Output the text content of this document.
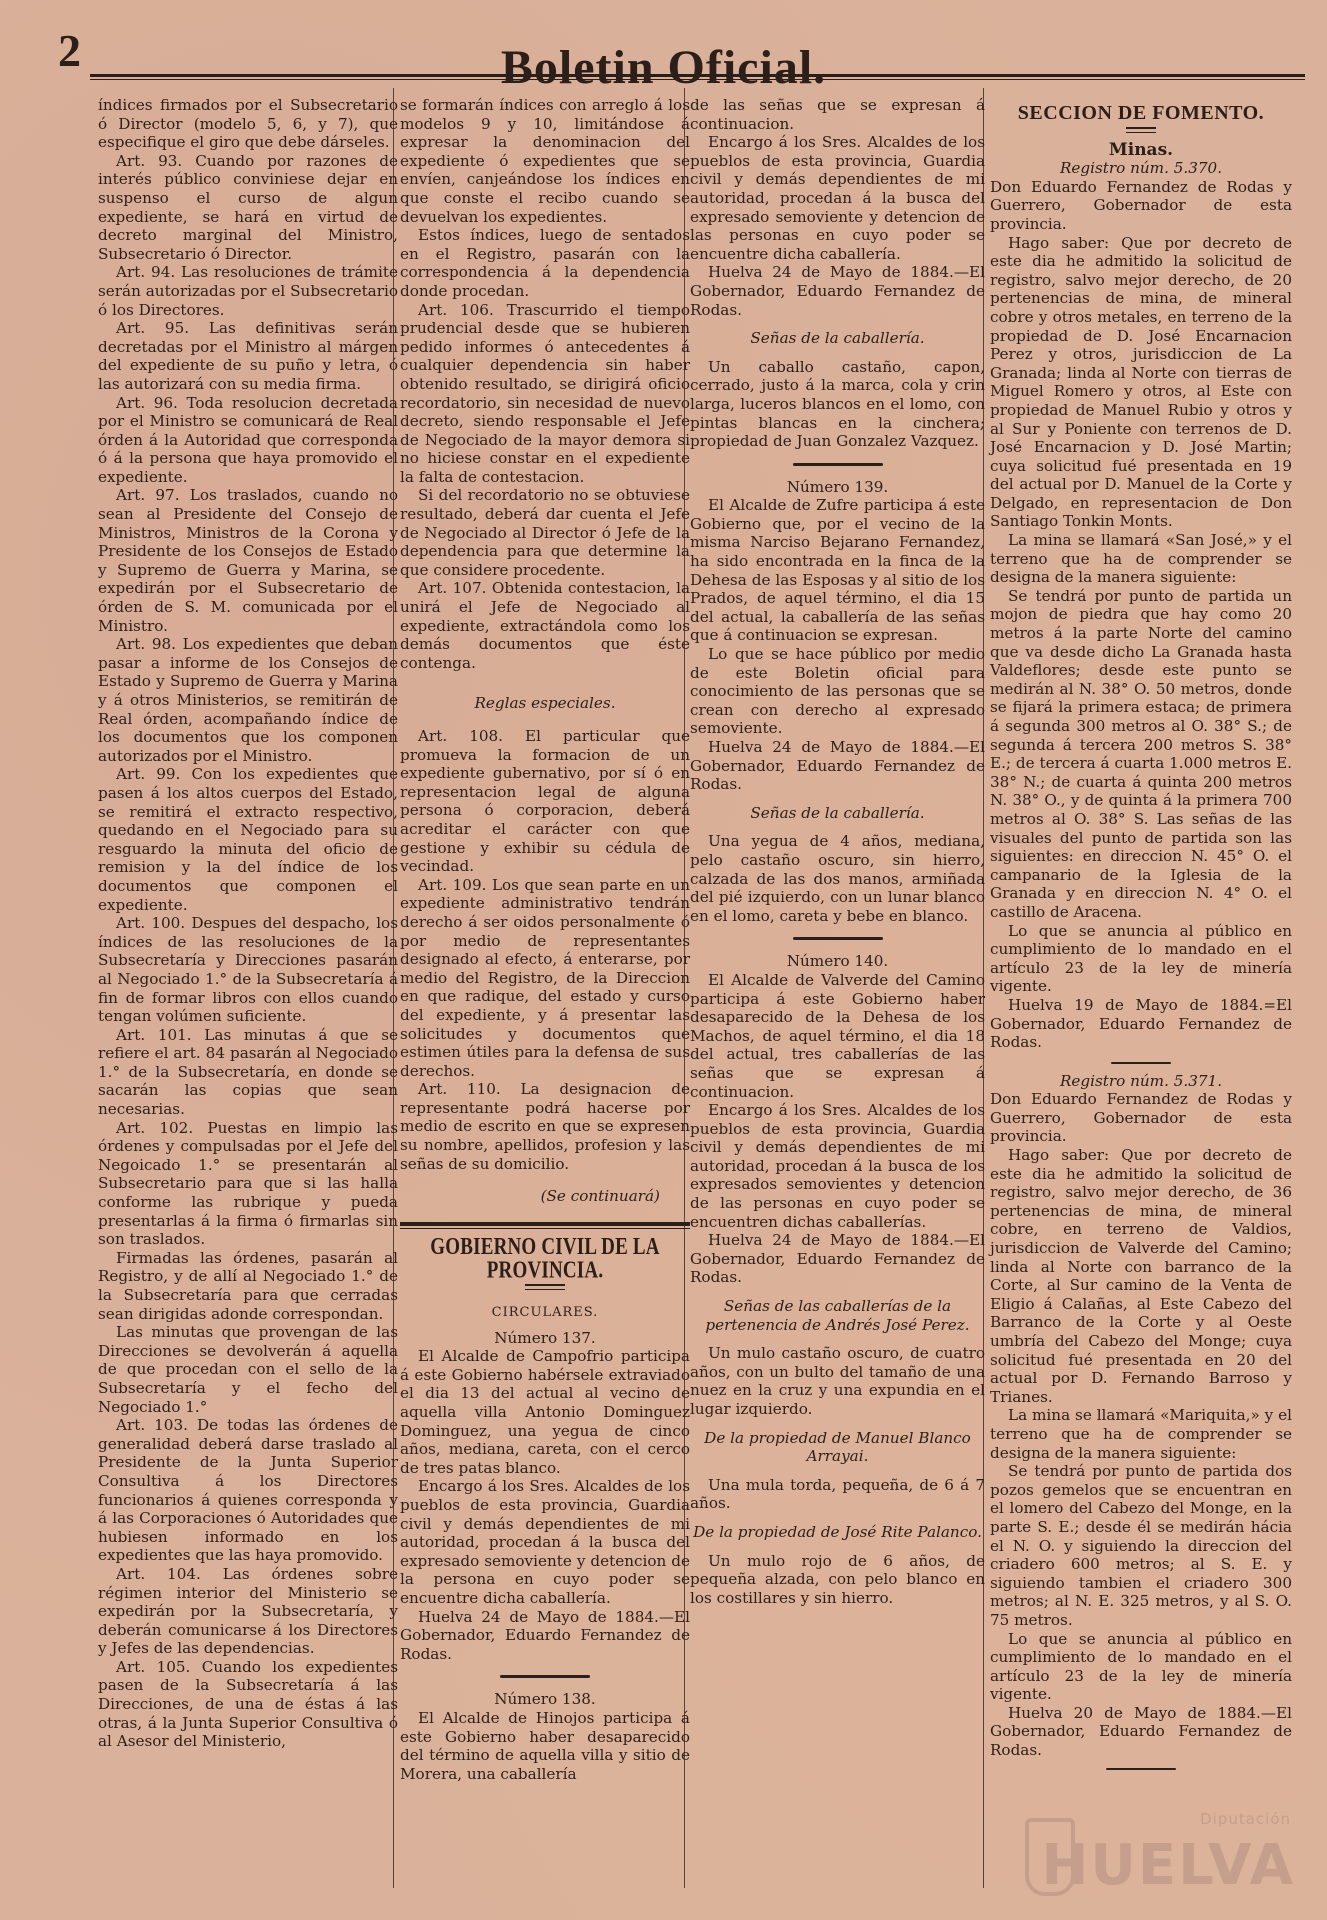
2	Boletin Oficial.

índices firmados por el Subsecretario ó Director (modelo 5, 6, y 7), que especifique el giro que debe dárseles.

Art. 93. Cuando por razones de interés público conviniese dejar en suspenso el curso de algun expediente, se hará en virtud de decreto marginal del Ministro, Subsecretario ó Director.

Art. 94. Las resoluciones de trámite serán autorizadas por el Subsecretario ó los Directores.

Art. 95. Las definitivas serán decretadas por el Ministro al márgen del expediente de su puño y letra, ó las autorizará con su media firma.

Art. 96. Toda resolucion decretada por el Ministro se comunicará de Real órden á la Autoridad que corresponda ó á la persona que haya promovido el expediente.

Art. 97. Los traslados, cuando no sean al Presidente del Consejo de Ministros, Ministros de la Corona y Presidente de los Consejos de Estado y Supremo de Guerra y Marina, se expedirán por el Subsecretario de órden de S. M. comunicada por el Ministro.

Art. 98. Los expedientes que deban pasar a informe de los Consejos de Estado y Supremo de Guerra y Marina y á otros Ministerios, se remitirán de Real órden, acompañando índice de los documentos que los componen autorizados por el Ministro.

Art. 99. Con los expedientes que pasen á los altos cuerpos del Estado, se remitirá el extracto respectivo, quedando en el Negociado para su resguardo la minuta del oficio de remision y la del índice de los documentos que componen el expediente.

Art. 100. Despues del despacho, los índices de las resoluciones de la Subsecretaría y Direcciones pasarán al Negociado 1.° de la Subsecretaría á fin de formar libros con ellos cuando tengan volúmen suficiente.

Art. 101. Las minutas á que se refiere el art. 84 pasarán al Negociado 1.° de la Subsecretaría, en donde se sacarán las copias que sean necesarias.

Art. 102. Puestas en limpio las órdenes y compulsadas por el Jefe del Negoicado 1.° se presentarán al Subsecretario para que si las halla conforme las rubrique y pueda presentarlas á la firma ó firmarlas sin son traslados.

Firmadas las órdenes, pasarán al Registro, y de allí al Negociado 1.° de la Subsecretaría para que cerradas sean dirigidas adonde correspondan.

Las minutas que provengan de las Direcciones se devolverán á aquella de que procedan con el sello de la Subsecretaría y el fecho del Negociado 1.°

Art. 103. De todas las órdenes de generalidad deberá darse traslado al Presidente de la Junta Superior Consultiva á los Directores funcionarios á quienes corresponda y á las Corporaciones ó Autoridades que hubiesen informado en los expedientes que las haya promovido.

Art. 104. Las órdenes sobre régimen interior del Ministerio se expedirán por la Subsecretaría, y deberán comunicarse á los Directores y Jefes de las dependencias.

Art. 105. Cuando los expedientes pasen de la Subsecretaría á las Direcciones, de una de éstas á las otras, á la Junta Superior Consultiva ó al Asesor del Ministerio,

se formarán índices con arreglo á los modelos 9 y 10, limitándose á expresar la denominacion del expediente ó expedientes que se envíen, canjeándose los índices en que conste el recibo cuando se devuelvan los expedientes.

Estos índices, luego de sentados en el Registro, pasarán con la correspondencia á la dependencia donde procedan.

Art. 106. Trascurrido el tiempo prudencial desde que se hubieren pedido informes ó antecedentes á cualquier dependencia sin haber obtenido resultado, se dirigirá oficio recordatorio, sin necesidad de nuevo decreto, siendo responsable el Jefe de Negociado de la mayor demora si no hiciese constar en el expediente la falta de contestacion.

Si del recordatorio no se obtuviese resultado, deberá dar cuenta el Jefe de Negociado al Director ó Jefe de la dependencia para que determine la que considere procedente.

Art. 107. Obtenida contestacion, la unirá el Jefe de Negociado al expediente, extractándola como los demás documentos que éste contenga.

Reglas especiales.

Art. 108. El particular que promueva la formacion de un expediente gubernativo, por sí ó en representacion legal de alguna persona ó corporacion, deberá acreditar el carácter con que gestione y exhibir su cédula de vecindad.

Art. 109. Los que sean parte en un expediente administrativo tendrán derecho á ser oidos personalmente ó por medio de representantes designado al efecto, á enterarse, por medio del Registro, de la Direccion en que radique, del estado y curso del expediente, y á presentar las solicitudes y documentos que estimen útiles para la defensa de sus derechos.

Art. 110. La designacion de representante podrá hacerse por medio de escrito en que se expresen su nombre, apellidos, profesion y las señas de su domicilio.

(Se continuará)

GOBIERNO CIVIL DE LA PROVINCIA.
CIRCULARES.

Número 137.

El Alcalde de Campofrio participa á este Gobierno habérsele extraviado el dia 13 del actual al vecino de aquella villa Antonio Dominguez Dominguez, una yegua de cinco años, mediana, careta, con el cerco de tres patas blanco.

Encargo á los Sres. Alcaldes de los pueblos de esta provincia, Guardia civil y demás dependientes de mi autoridad, procedan á la busca del expresado semoviente y detencion de la persona en cuyo poder se encuentre dicha caballería.

Huelva 24 de Mayo de 1884.—El Gobernador, Eduardo Fernandez de Rodas.

Número 138.

El Alcalde de Hinojos participa á este Gobierno haber desaparecido del término de aquella villa y sitio de Morera, una caballería

de las señas que se expresan á continuacion.

Encargo á los Sres. Alcaldes de los pueblos de esta provincia, Guardia civil y demás dependientes de mi autoridad, procedan á la busca del expresado semoviente y detencion de las personas en cuyo poder se encuentre dicha caballería.

Huelva 24 de Mayo de 1884.—El Gobernador, Eduardo Fernandez de Rodas.

Señas de la caballería.

Un caballo castaño, capon, cerrado, justo á la marca, cola y crin larga, luceros blancos en el lomo, con pintas blancas en la cinchera; propiedad de Juan Gonzalez Vazquez.

Número 139.

El Alcalde de Zufre participa á este Gobierno que, por el vecino de la misma Narciso Bejarano Fernandez, ha sido encontrada en la finca de la Dehesa de las Esposas y al sitio de los Prados, de aquel término, el dia 15 del actual, la caballería de las señas que á continuacion se expresan.

Lo que se hace público por medio de este Boletin oficial para conocimiento de las personas que se crean con derecho al expresado semoviente.

Huelva 24 de Mayo de 1884.—El Gobernador, Eduardo Fernandez de Rodas.

Señas de la caballería.

Una yegua de 4 años, mediana, pelo castaño oscuro, sin hierro, calzada de las dos manos, armiñada del pié izquierdo, con un lunar blanco en el lomo, careta y bebe en blanco.

Número 140.

El Alcalde de Valverde del Camino participa á este Gobierno haber desaparecido de la Dehesa de los Machos, de aquel término, el dia 18 del actual, tres caballerías de las señas que se expresan á continuacion.

Encargo á los Sres. Alcaldes de los pueblos de esta provincia, Guardia civil y demás dependientes de mi autoridad, procedan á la busca de los expresados semovientes y detencion de las personas en cuyo poder se encuentren dichas caballerías.

Huelva 24 de Mayo de 1884.—El Gobernador, Eduardo Fernandez de Rodas.

Señas de las caballerías de la pertenencia de Andrés José Perez.

Un mulo castaño oscuro, de cuatro años, con un bulto del tamaño de una nuez en la cruz y una expundia en el lugar izquierdo.

De la propiedad de Manuel Blanco Arrayai.

Una mula torda, pequeña, de 6 á 7 años.

De la propiedad de José Rite Palanco.

Un mulo rojo de 6 años, de pequeña alzada, con pelo blanco en los costillares y sin hierro.

SECCION DE FOMENTO.

Minas.

Registro núm. 5.370.

Don Eduardo Fernandez de Rodas y Guerrero, Gobernador de esta provincia.

Hago saber: Que por decreto de este dia he admitido la solicitud de registro, salvo mejor derecho, de 20 pertenencias de mina, de mineral cobre y otros metales, en terreno de la propiedad de D. José Encarnacion Perez y otros, jurisdiccion de La Granada; linda al Norte con tierras de Miguel Romero y otros, al Este con propiedad de Manuel Rubio y otros y al Sur y Poniente con terrenos de D. José Encarnacion y D. José Martin; cuya solicitud fué presentada en 19 del actual por D. Manuel de la Corte y Delgado, en representacion de Don Santiago Tonkin Monts.

La mina se llamará «San José,» y el terreno que ha de comprender se designa de la manera siguiente:

Se tendrá por punto de partida un mojon de piedra que hay como 20 metros á la parte Norte del camino que va desde dicho La Granada hasta Valdeflores; desde este punto se medirán al N. 38° O. 50 metros, donde se fijará la primera estaca; de primera á segunda 300 metros al O. 38° S.; de segunda á tercera 200 metros S. 38° E.; de tercera á cuarta 1.000 metros E. 38° N.; de cuarta á quinta 200 metros N. 38° O., y de quinta á la primera 700 metros al O. 38° S. Las señas de las visuales del punto de partida son las siguientes: en direccion N. 45° O. el campanario de la Iglesia de la Granada y en direccion N. 4° O. el castillo de Aracena.

Lo que se anuncia al público en cumplimiento de lo mandado en el artículo 23 de la ley de minería vigente.

Huelva 19 de Mayo de 1884.=El Gobernador, Eduardo Fernandez de Rodas.

Registro núm. 5.371.

Don Eduardo Fernandez de Rodas y Guerrero, Gobernador de esta provincia.

Hago saber: Que por decreto de este dia he admitido la solicitud de registro, salvo mejor derecho, de 36 pertenencias de mina, de mineral cobre, en terreno de Valdios, jurisdiccion de Valverde del Camino; linda al Norte con barranco de la Corte, al Sur camino de la Venta de Eligio á Calañas, al Este Cabezo del Barranco de la Corte y al Oeste umbría del Cabezo del Monge; cuya solicitud fué presentada en 20 del actual por D. Fernando Barroso y Trianes.

La mina se llamará «Mariquita,» y el terreno que ha de comprender se designa de la manera siguiente:

Se tendrá por punto de partida dos pozos gemelos que se encuentran en el lomero del Cabezo del Monge, en la parte S. E.; desde él se medirán hácia el N. O. y siguiendo la direccion del criadero 600 metros; al S. E. y siguiendo tambien el criadero 300 metros; al N. E. 325 metros, y al S. O. 75 metros.

Lo que se anuncia al público en cumplimiento de lo mandado en el artículo 23 de la ley de minería vigente.

Huelva 20 de Mayo de 1884.—El Gobernador, Eduardo Fernandez de Rodas.

Diputación
HUELVA
